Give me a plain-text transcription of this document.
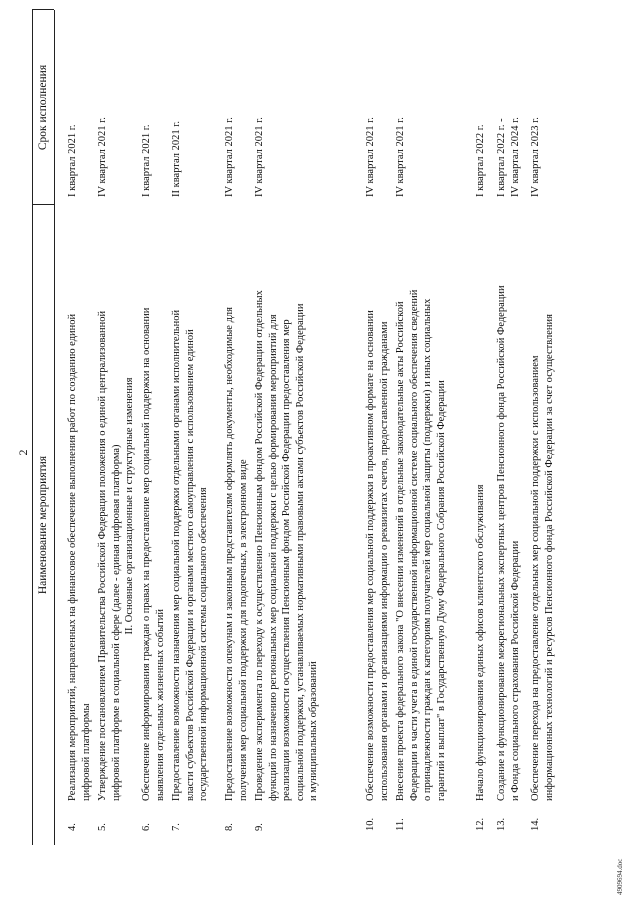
2
Наименование мероприятия
Срок исполнения
4.
Реализация мероприятий, направленных на финансовое обеспечение выполнения работ по созданию единой цифровой платформы
I квартал 2021 г.
5.
Утверждение постановлением Правительства Российской Федерации положения о единой централизованной цифровой платформе в социальной сфере (далее - единая цифровая платформа)
IV квартал 2021 г.
6.
Обеспечение информирования граждан о правах на предоставление мер социальной поддержки на основании выявления отдельных жизненных событий
I квартал 2021 г.
7.
Предоставление возможности назначения мер социальной поддержки отдельными органами исполнительной власти субъектов Российской Федерации и органами местного самоуправления с использованием единой государственной информационной системы социального обеспечения
II квартал 2021 г.
8.
Предоставление возможности опекунам и законным представителям оформлять документы, необходимые для получения мер социальной поддержки для подопечных, в электронном виде
IV квартал 2021 г.
9.
Проведение эксперимента по переходу к осуществлению Пенсионным фондом Российской Федерации отдельных функций по назначению региональных мер социальной поддержки с целью формирования мероприятий для реализации возможности осуществления Пенсионным фондом Российской Федерации предоставления мер социальной поддержки, устанавливаемых нормативными правовыми актами субъектов Российской Федерации и муниципальных образований
IV квартал 2021 г.
10.
Обеспечение возможности предоставления мер социальной поддержки в проактивном формате на основании использования органами и организациями информации о реквизитах счетов, предоставленной гражданами
IV квартал 2021 г.
11.
Внесение проекта федерального закона "О внесении изменений в отдельные законодательные акты Российской Федерации в части учета в единой государственной информационной системе социального обеспечения сведений о принадлежности граждан к категориям получателей мер социальной защиты (поддержки) и иных социальных гарантий и выплат" в Государственную Думу Федерального Собрания Российской Федерации
IV квартал 2021 г.
12.
Начало функционирования единых офисов клиентского обслуживания
I квартал 2022 г.
13.
Создание и функционирование межрегиональных экспертных центров Пенсионного фонда Российской Федерации и Фонда социального страхования Российской Федерации
I квартал 2022 г. - IV квартал 2024 г.
14.
Обеспечение перехода на предоставление отдельных мер социальной поддержки с использованием информационных технологий и ресурсов Пенсионного фонда Российской Федерации за счет осуществления
IV квартал 2023 г.
II. Основные организационные и структурные изменения
4909694.doc
